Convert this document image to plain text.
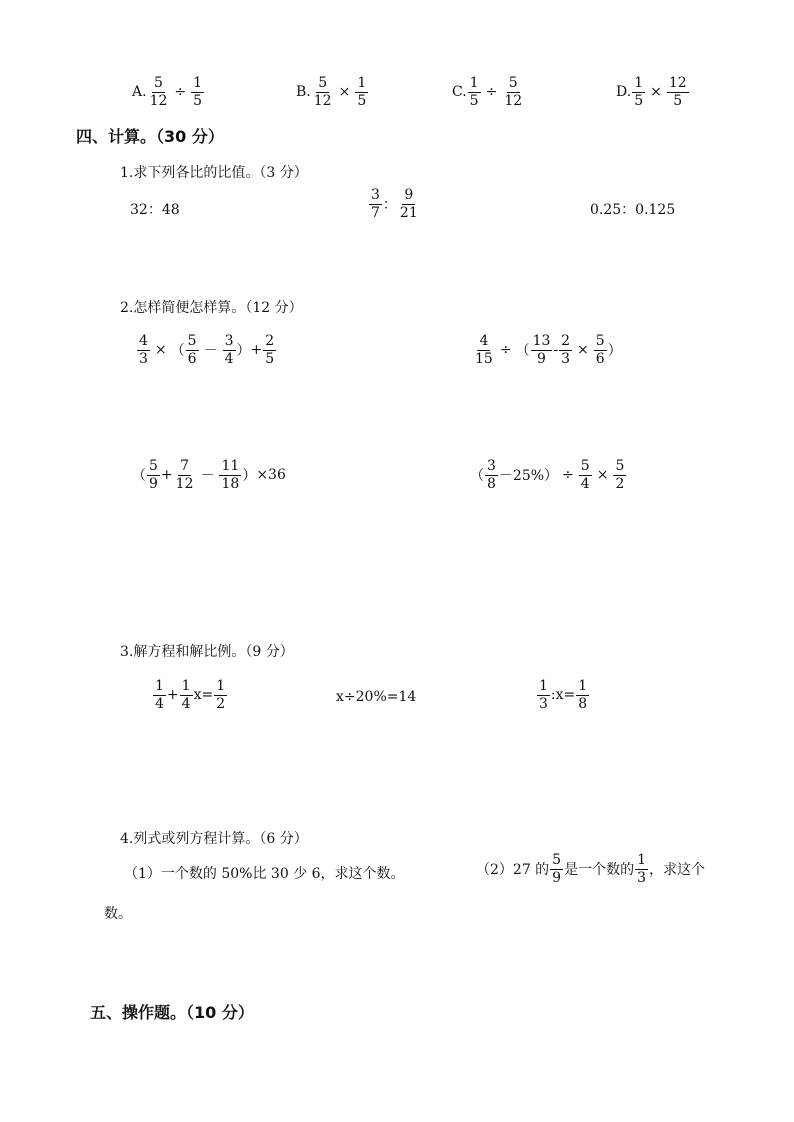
A. $\frac{5}{12} \div \frac{1}{5}$	B. $\frac{5}{12} \times \frac{1}{5}$	C. $\frac{1}{5} \div \frac{5}{12}$	D. $\frac{1}{5} \times \frac{12}{5}$
四、计算。（30 分）
1.求下列各比的比值。（3 分）
32：48	$\frac{3}{7}$ ： $\frac{9}{21}$	0.25：0.125
2.怎样简便怎样算。（12 分）
$\frac{4}{3}$ × （ $\frac{5}{6} - \frac{3}{4}$ ） + $\frac{2}{5}$	$\frac{4}{15}$ ÷ （ $\frac{13}{9} - \frac{2}{3} \times \frac{5}{6}$ ）
（ $\frac{5}{9} + \frac{7}{12} - \frac{11}{18}$ ） ×36	（ $\frac{3}{8} -25\%) \div \frac{5}{4} \times \frac{5}{2}$
3.解方程和解比例。（9 分）
$\frac{1}{4} + \frac{1}{4} x= \frac{1}{2}$	x÷20%=14	$\frac{1}{3}$ :x= $\frac{1}{8}$
4.列式或列方程计算。（6 分）
（1）一个数的 50%比 30 少 6，求这个数。	（2）27 的 $\frac{5}{9}$ 是一个数的 $\frac{1}{3}$ ，求这个
数。
五、操作题。（10 分）
